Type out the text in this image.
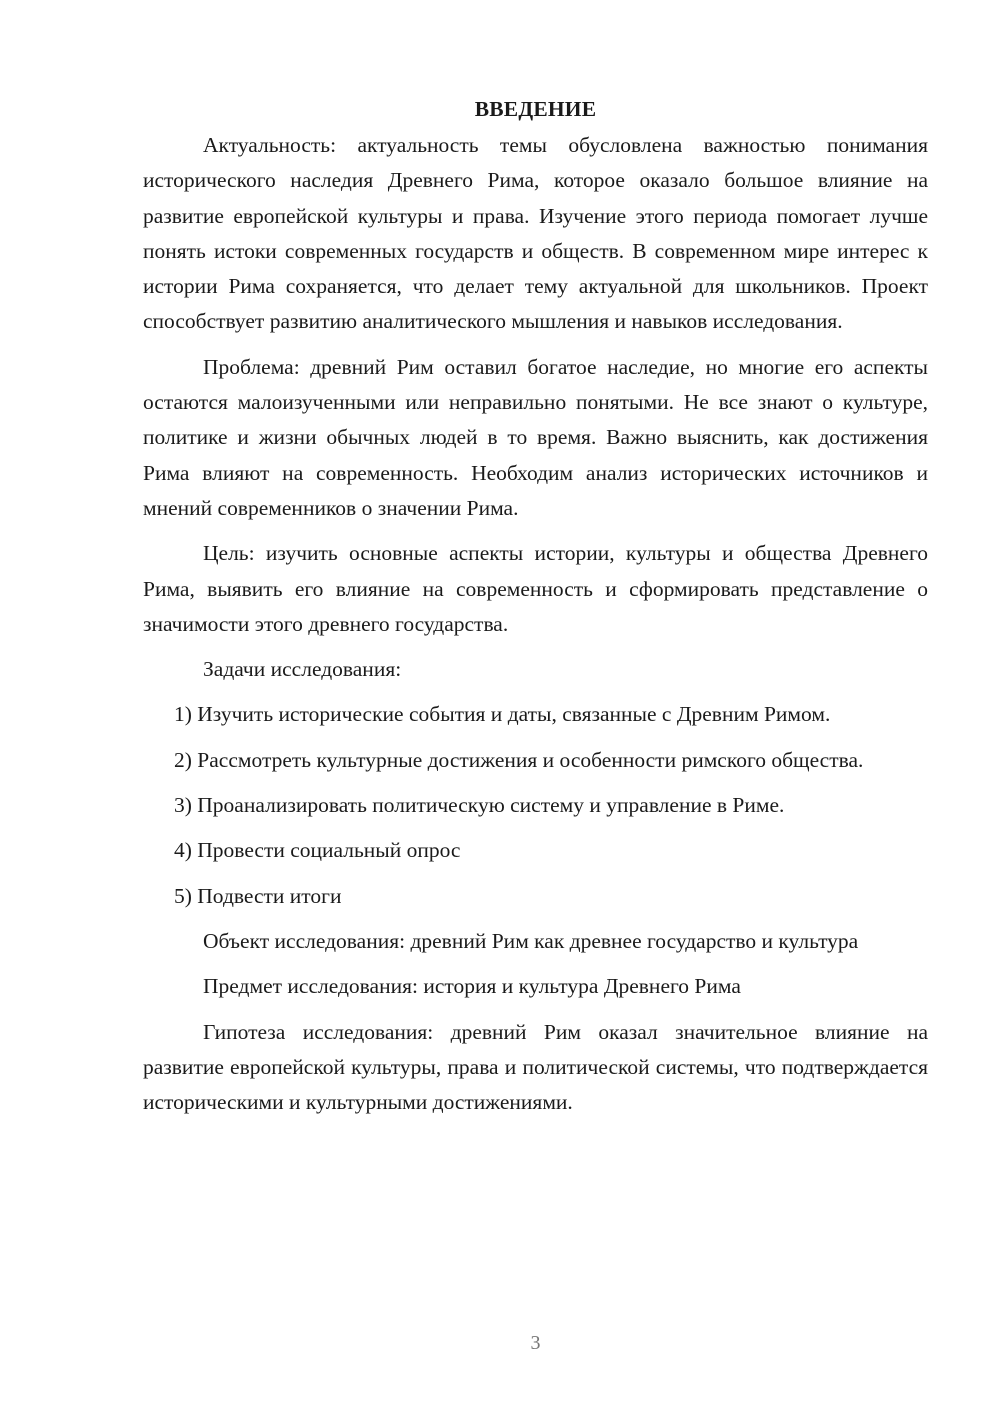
ВВЕДЕНИЕ

Актуальность: актуальность темы обусловлена важностью понимания исторического наследия Древнего Рима, которое оказало большое влияние на развитие европейской культуры и права. Изучение этого периода помогает лучше понять истоки современных государств и обществ. В современном мире интерес к истории Рима сохраняется, что делает тему актуальной для школьников. Проект способствует развитию аналитического мышления и навыков исследования.

Проблема: древний Рим оставил богатое наследие, но многие его аспекты остаются малоизученными или неправильно понятыми. Не все знают о культуре, политике и жизни обычных людей в то время. Важно выяснить, как достижения Рима влияют на современность. Необходим анализ исторических источников и мнений современников о значении Рима.

Цель: изучить основные аспекты истории, культуры и общества Древнего Рима, выявить его влияние на современность и сформировать представление о значимости этого древнего государства.

Задачи исследования:

1) Изучить исторические события и даты, связанные с Древним Римом.

2) Рассмотреть культурные достижения и особенности римского общества.

3) Проанализировать политическую систему и управление в Риме.

4) Провести социальный опрос

5) Подвести итоги

Объект исследования: древний Рим как древнее государство и культура

Предмет исследования: история и культура Древнего Рима

Гипотеза исследования: древний Рим оказал значительное влияние на развитие европейской культуры, права и политической системы, что подтверждается историческими и культурными достижениями.

3
